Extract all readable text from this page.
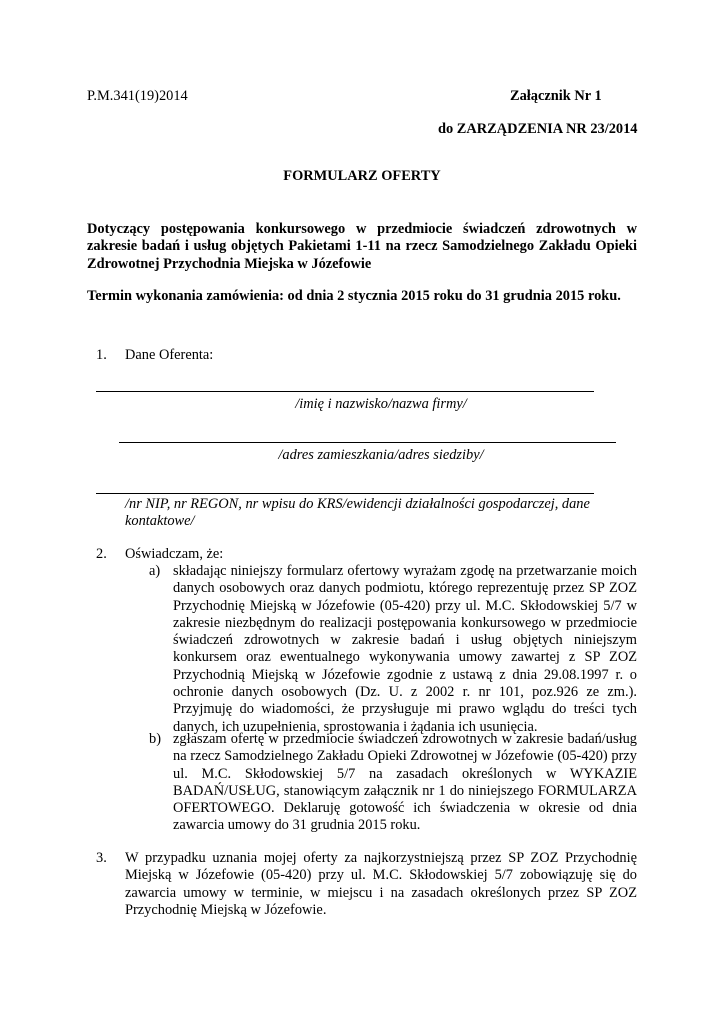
P.M.341(19)2014	Załącznik Nr 1
do ZARZĄDZENIA NR 23/2014
FORMULARZ OFERTY
Dotyczący postępowania konkursowego w przedmiocie świadczeń zdrowotnych w zakresie badań i usług objętych Pakietami 1-11 na rzecz Samodzielnego Zakładu Opieki Zdrowotnej Przychodnia Miejska w Józefowie
Termin wykonania zamówienia: od dnia 2 stycznia 2015 roku do 31 grudnia 2015 roku.
1. Dane Oferenta:
/imię i nazwisko/nazwa firmy/
/adres zamieszkania/adres siedziby/
/nr NIP, nr REGON, nr wpisu do KRS/ewidencji działalności gospodarczej, dane kontaktowe/
2. Oświadczam, że:
a) składając niniejszy formularz ofertowy wyrażam zgodę na przetwarzanie moich danych osobowych oraz danych podmiotu, którego reprezentuję przez SP ZOZ Przychodnię Miejską w Józefowie (05-420) przy ul. M.C. Skłodowskiej 5/7 w zakresie niezbędnym do realizacji postępowania konkursowego w przedmiocie świadczeń zdrowotnych w zakresie badań i usług objętych niniejszym konkursem oraz ewentualnego wykonywania umowy zawartej z SP ZOZ Przychodnią Miejską w Józefowie zgodnie z ustawą z dnia 29.08.1997 r. o ochronie danych osobowych (Dz. U. z 2002 r. nr 101, poz.926 ze zm.). Przyjmuję do wiadomości, że przysługuje mi prawo wglądu do treści tych danych, ich uzupełnienia, sprostowania i żądania ich usunięcia.
b) zgłaszam ofertę w przedmiocie świadczeń zdrowotnych w zakresie badań/usług na rzecz Samodzielnego Zakładu Opieki Zdrowotnej w Józefowie (05-420) przy ul. M.C. Skłodowskiej 5/7 na zasadach określonych w WYKAZIE BADAŃ/USŁUG, stanowiącym załącznik nr 1 do niniejszego FORMULARZA OFERTOWEGO. Deklaruję gotowość ich świadczenia w okresie od dnia zawarcia umowy do 31 grudnia 2015 roku.
3. W przypadku uznania mojej oferty za najkorzystniejszą przez SP ZOZ Przychodnię Miejską w Józefowie (05-420) przy ul. M.C. Skłodowskiej 5/7 zobowiązuję się do zawarcia umowy w terminie, w miejscu i na zasadach określonych przez SP ZOZ Przychodnię Miejską w Józefowie.
